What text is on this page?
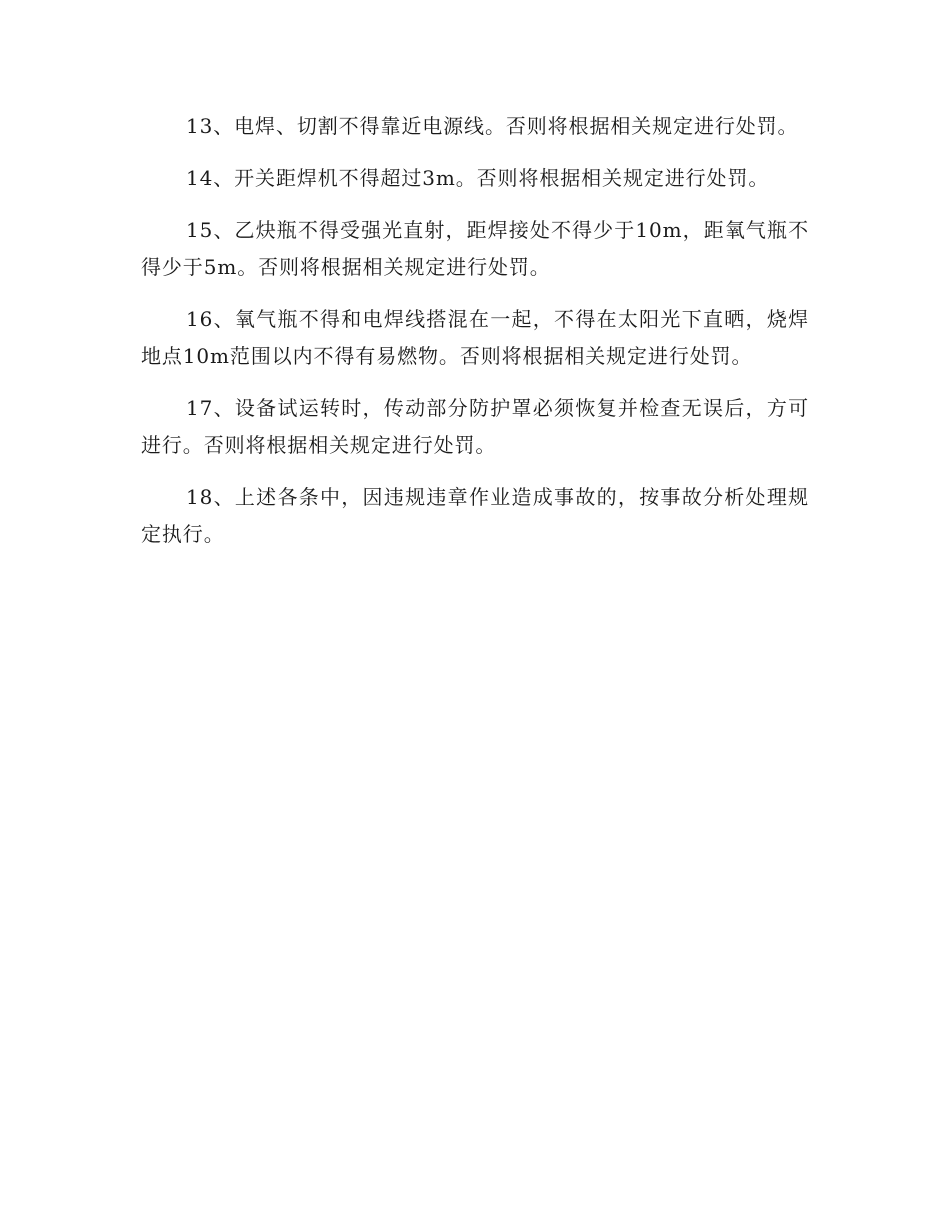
13、电焊、切割不得靠近电源线。否则将根据相关规定进行处罚。

14、开关距焊机不得超过3m。否则将根据相关规定进行处罚。

15、乙炔瓶不得受强光直射，距焊接处不得少于10m，距氧气瓶不得少于5m。否则将根据相关规定进行处罚。

16、氧气瓶不得和电焊线搭混在一起，不得在太阳光下直晒，烧焊地点10m范围以内不得有易燃物。否则将根据相关规定进行处罚。

17、设备试运转时，传动部分防护罩必须恢复并检查无误后，方可进行。否则将根据相关规定进行处罚。

18、上述各条中，因违规违章作业造成事故的，按事故分析处理规定执行。
